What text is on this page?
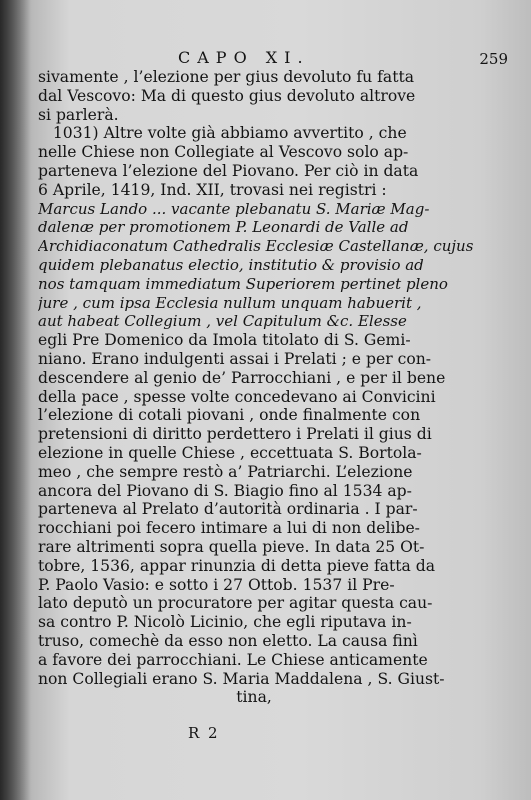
CAPO XI.	259
sivamente , l’elezione per gius devoluto fu fatta
dal Vescovo: Ma di questo gius devoluto altrove
si parlerà.
1031) Altre volte già abbiamo avvertito , che
nelle Chiese non Collegiate al Vescovo solo ap-
parteneva l’elezione del Piovano. Per ciò in data
6 Aprile, 1419, Ind. XII, trovasi nei registri :
Marcus Lando ... vacante plebanatu S. Mariæ Mag-
dalenæ per promotionem P. Leonardi de Valle ad
Archidiaconatum Cathedralis Ecclesiæ Castellanæ, cujus
quidem plebanatus electio, institutio & provisio ad
nos tamquam immediatum Superiorem pertinet pleno
jure , cum ipsa Ecclesia nullum unquam habuerit ,
aut habeat Collegium , vel Capitulum &c. Elesse
egli Pre Domenico da Imola titolato di S. Gemi-
niano. Erano indulgenti assai i Prelati ; e per con-
descendere al genio de’ Parrocchiani , e per il bene
della pace , spesse volte concedevano ai Convicini
l’elezione di cotali piovani , onde finalmente con
pretensioni di diritto perdettero i Prelati il gius di
elezione in quelle Chiese , eccettuata S. Bortola-
meo , che sempre restò a’ Patriarchi. L’elezione
ancora del Piovano di S. Biagio fino al 1534 ap-
parteneva al Prelato d’autorità ordinaria . I par-
rocchiani poi fecero intimare a lui di non delibe-
rare altrimenti sopra quella pieve. In data 25 Ot-
tobre, 1536, appar rinunzia di detta pieve fatta da
P. Paolo Vasio: e sotto i 27 Ottob. 1537 il Pre-
lato deputò un procuratore per agitar questa cau-
sa contro P. Nicolò Licinio, che egli riputava in-
truso, comechè da esso non eletto. La causa finì
a favore dei parrocchiani. Le Chiese anticamente
non Collegiali erano S. Maria Maddalena , S. Giust-
tina,
R 2
